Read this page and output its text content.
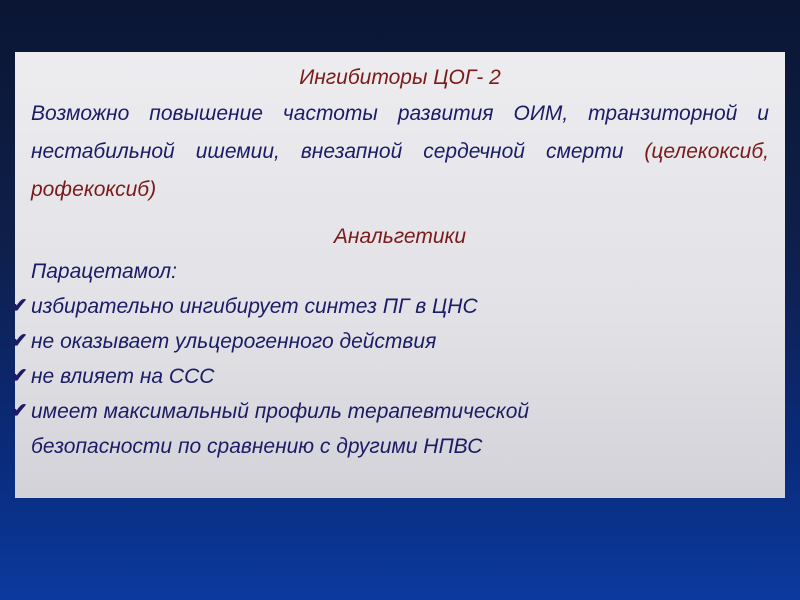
Ингибиторы ЦОГ- 2
Возможно повышение частоты развития ОИМ, транзиторной и нестабильной ишемии, внезапной сердечной смерти (целекоксиб, рофекоксиб)
Анальгетики
Парацетамол:
✔ избирательно ингибирует синтез ПГ в ЦНС
✔ не оказывает ульцерогенного действия
✔ не влияет на ССС
✔ имеет максимальный профиль терапевтической
безопасности по сравнению с другими НПВС
